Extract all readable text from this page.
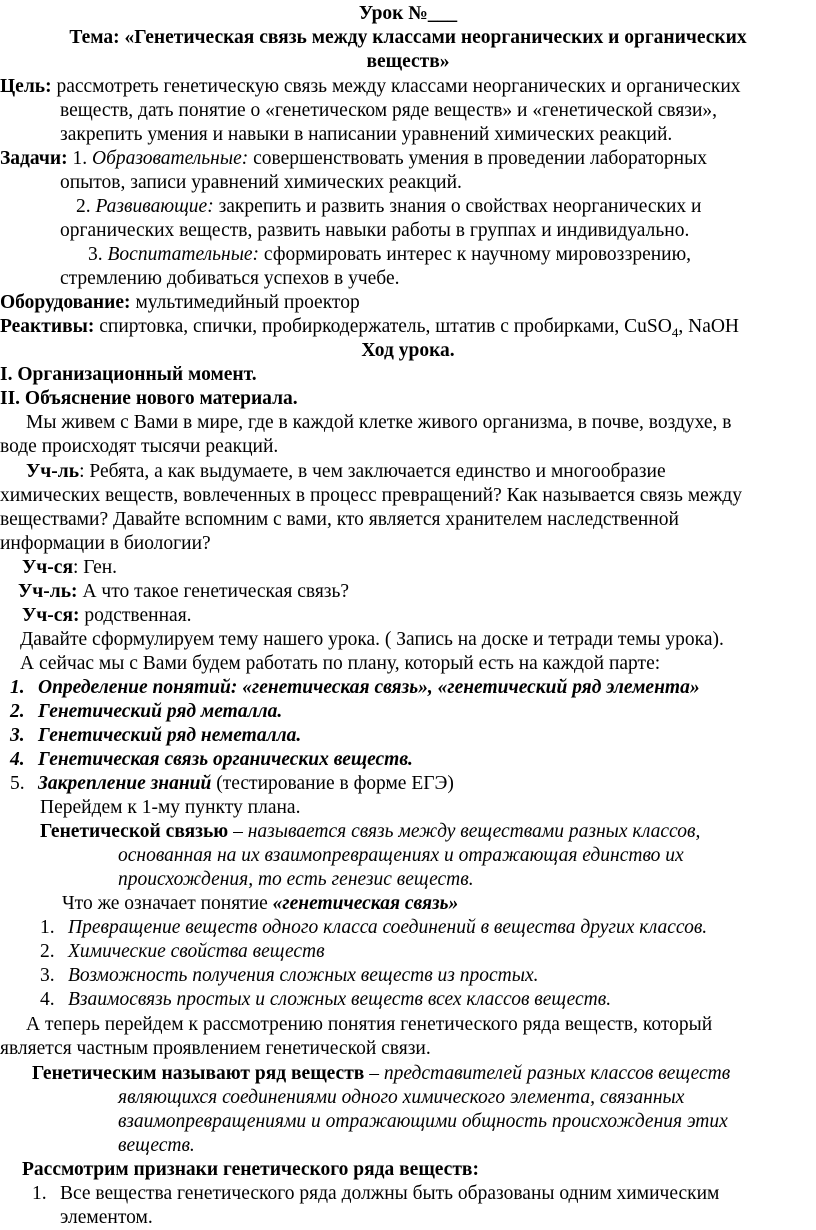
Урок №___
Тема: «Генетическая связь между классами неорганических и органических
веществ»
Цель: рассмотреть генетическую связь между классами неорганических и органических
веществ, дать понятие о «генетическом ряде веществ» и «генетической связи»,
закрепить умения и навыки в написании уравнений химических реакций.
Задачи: 1. Образовательные: совершенствовать умения в проведении лабораторных
опытов, записи уравнений химических реакций.
2. Развивающие: закрепить и развить знания о свойствах неорганических и
органических веществ, развить навыки работы в группах и индивидуально.
3. Воспитательные: сформировать интерес к научному мировоззрению,
стремлению добиваться успехов в учебе.
Оборудование: мультимедийный проектор
Реактивы: спиртовка, спички, пробиркодержатель, штатив с пробирками, CuSO$_4$, NaOH
Ход урока.
I. Организационный момент.
II. Объяснение нового материала.
Мы живем с Вами в мире, где в каждой клетке живого организма, в почве, воздухе, в
воде происходят тысячи реакций.
Уч-ль: Ребята, а как выдумаете, в чем заключается единство и многообразие
химических веществ, вовлеченных в процесс превращений? Как называется связь между
веществами? Давайте вспомним с вами, кто является хранителем наследственной
информации в биологии?
Уч-ся: Ген.
Уч-ль: А что такое генетическая связь?
Уч-ся: родственная.
Давайте сформулируем тему нашего урока. ( Запись на доске и тетради темы урока).
А сейчас мы с Вами будем работать по плану, который есть на каждой парте:
1. Определение понятий: «генетическая связь», «генетический ряд элемента»
2. Генетический ряд металла.
3. Генетический ряд неметалла.
4. Генетическая связь органических веществ.
5. Закрепление знаний (тестирование в форме ЕГЭ)
Перейдем к 1-му пункту плана.
Генетической связью – называется связь между веществами разных классов,
основанная на их взаимопревращениях и отражающая единство их
происхождения, то есть генезис веществ.
Что же означает понятие «генетическая связь»
1. Превращение веществ одного класса соединений в вещества других классов.
2. Химические свойства веществ
3. Возможность получения сложных веществ из простых.
4. Взаимосвязь простых и сложных веществ всех классов веществ.
А теперь перейдем к рассмотрению понятия генетического ряда веществ, который
является частным проявлением генетической связи.
Генетическим называют ряд веществ – представителей разных классов веществ
являющихся соединениями одного химического элемента, связанных
взаимопревращениями и отражающими общность происхождения этих
веществ.
Рассмотрим признаки генетического ряда веществ:
1. Все вещества генетического ряда должны быть образованы одним химическим
элементом.
